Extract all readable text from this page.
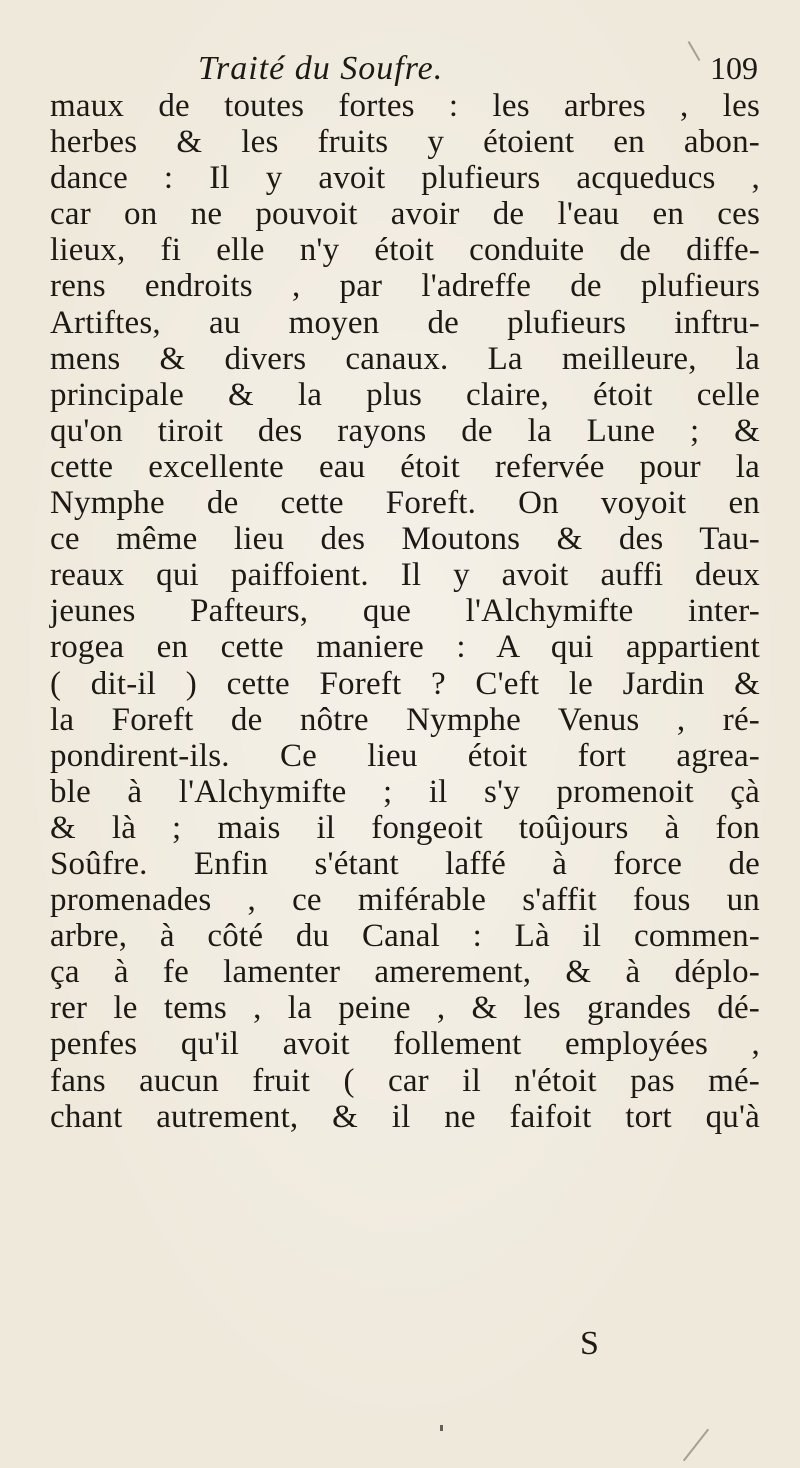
Traité du Soufre.	109
maux de toutes fortes : les arbres , les
herbes & les fruits y étoient en abon-
dance : Il y avoit plufieurs acqueducs ,
car on ne pouvoit avoir de l'eau en ces
lieux, fi elle n'y étoit conduite de diffe-
rens endroits , par l'adreffe de plufieurs
Artiftes, au moyen de plufieurs inftru-
mens & divers canaux. La meilleure, la
principale & la plus claire, étoit celle
qu'on tiroit des rayons de la Lune ; &
cette excellente eau étoit refervée pour la
Nymphe de cette Foreft. On voyoit en
ce même lieu des Moutons & des Tau-
reaux qui paiffoient. Il y avoit auffi deux
jeunes Pafteurs, que l'Alchymifte inter-
rogea en cette maniere : A qui appartient
( dit-il ) cette Foreft ? C'eft le Jardin &
la Foreft de nôtre Nymphe Venus , ré-
pondirent-ils. Ce lieu étoit fort agrea-
ble à l'Alchymifte ; il s'y promenoit çà
& là ; mais il fongeoit toûjours à fon
Soûfre. Enfin s'étant laffé à force de
promenades , ce miférable s'affit fous un
arbre, à côté du Canal : Là il commen-
ça à fe lamenter amerement, & à déplo-
rer le tems , la peine , & les grandes dé-
penfes qu'il avoit follement employées ,
fans aucun fruit ( car il n'étoit pas mé-
chant autrement, & il ne faifoit tort qu'à
S
